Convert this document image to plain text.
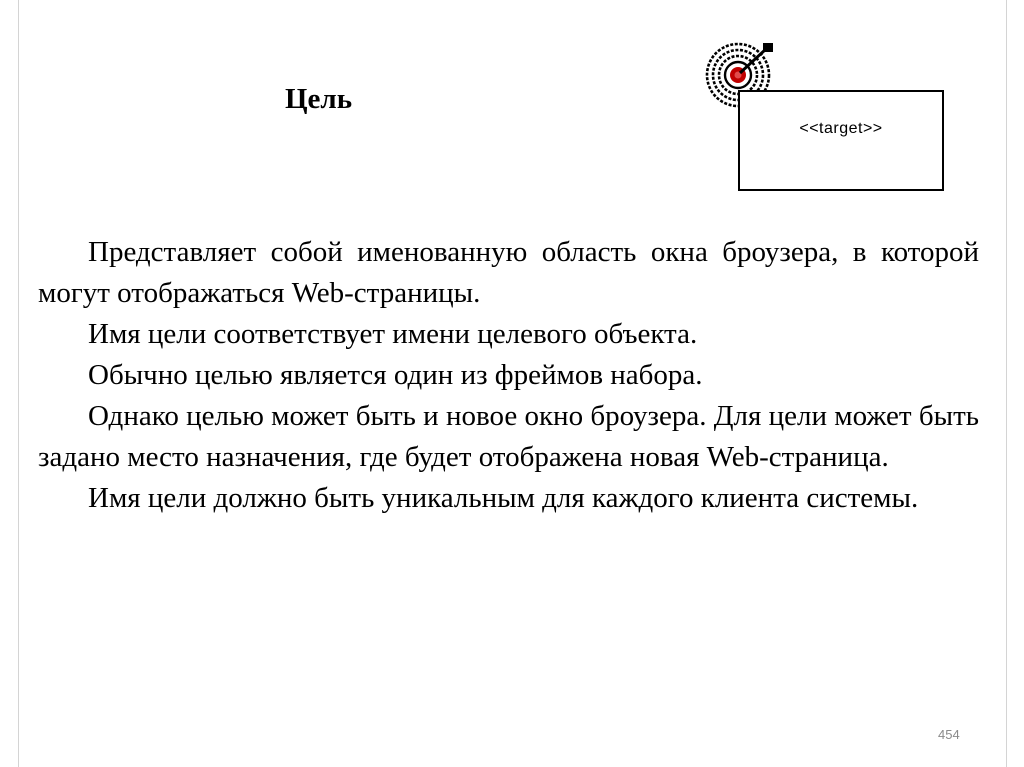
Цель
<<target>>

Представляет собой именованную область окна броузера, в которой могут отображаться Web-страницы.

Имя цели соответствует имени целевого объекта.

Обычно целью является один из фреймов набора.

Однако целью может быть и новое окно броузера. Для цели может быть задано место назначения, где будет отображена новая Web-страница.

Имя цели должно быть уникальным для каждого клиента системы.

454
